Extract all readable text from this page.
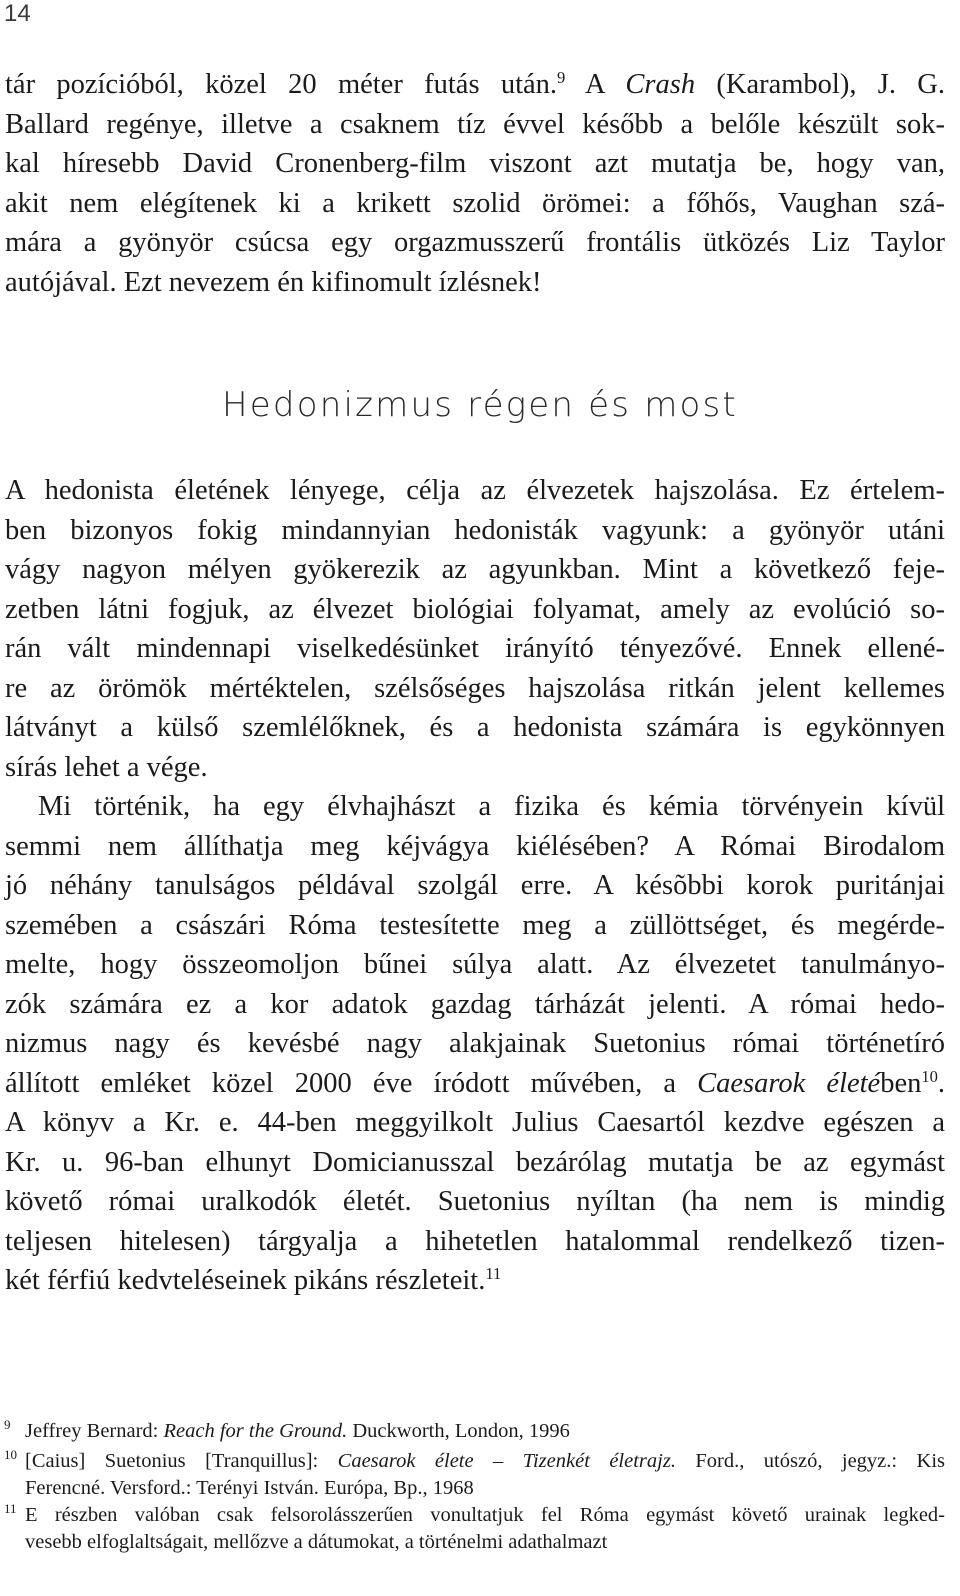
14
tár pozícióból, közel 20 méter futás után.$^9$ A Crash (Karambol), J. G.
Ballard regénye, illetve a csaknem tíz évvel később a belőle készült sok-
kal híresebb David Cronenberg-film viszont azt mutatja be, hogy van,
akit nem elégítenek ki a krikett szolid örömei: a főhős, Vaughan szá-
mára a gyönyör csúcsa egy orgazmusszerű frontális ütközés Liz Taylor
autójával. Ezt nevezem én kifinomult ízlésnek!
Hedonizmus régen és most
A hedonista életének lényege, célja az élvezetek hajszolása. Ez értelem-
ben bizonyos fokig mindannyian hedonisták vagyunk: a gyönyör utáni
vágy nagyon mélyen gyökerezik az agyunkban. Mint a következő feje-
zetben látni fogjuk, az élvezet biológiai folyamat, amely az evolúció so-
rán vált mindennapi viselkedésünket irányító tényezővé. Ennek ellené-
re az örömök mértéktelen, szélsőséges hajszolása ritkán jelent kellemes
látványt a külső szemlélőknek, és a hedonista számára is egykönnyen
sírás lehet a vége.
Mi történik, ha egy élvhajhászt a fizika és kémia törvényein kívül
semmi nem állíthatja meg kéjvágya kiélésében? A Római Birodalom
jó néhány tanulságos példával szolgál erre. A késõbbi korok puritánjai
szemében a császári Róma testesítette meg a züllöttséget, és megérde-
melte, hogy összeomoljon bűnei súlya alatt. Az élvezetet tanulmányo-
zók számára ez a kor adatok gazdag tárházát jelenti. A római hedo-
nizmus nagy és kevésbé nagy alakjainak Suetonius római történetíró
állított emléket közel 2000 éve íródott művében, a Caesarok életében$^{10}$.
A könyv a Kr. e. 44-ben meggyilkolt Julius Caesartól kezdve egészen a
Kr. u. 96-ban elhunyt Domicianusszal bezárólag mutatja be az egymást
követő római uralkodók életét. Suetonius nyíltan (ha nem is mindig
teljesen hitelesen) tárgyalja a hihetetlen hatalommal rendelkező tizen-
két férfiú kedvteléseinek pikáns részleteit.$^{11}$
9 Jeffrey Bernard: Reach for the Ground. Duckworth, London, 1996
10 [Caius] Suetonius [Tranquillus]: Caesarok élete – Tizenkét életrajz. Ford., utószó, jegyz.: Kis
Ferencné. Versford.: Terényi István. Európa, Bp., 1968
11 E részben valóban csak felsorolásszerűen vonultatjuk fel Róma egymást követő urainak legked-
vesebb elfoglaltságait, mellőzve a dátumokat, a történelmi adathalmazt
